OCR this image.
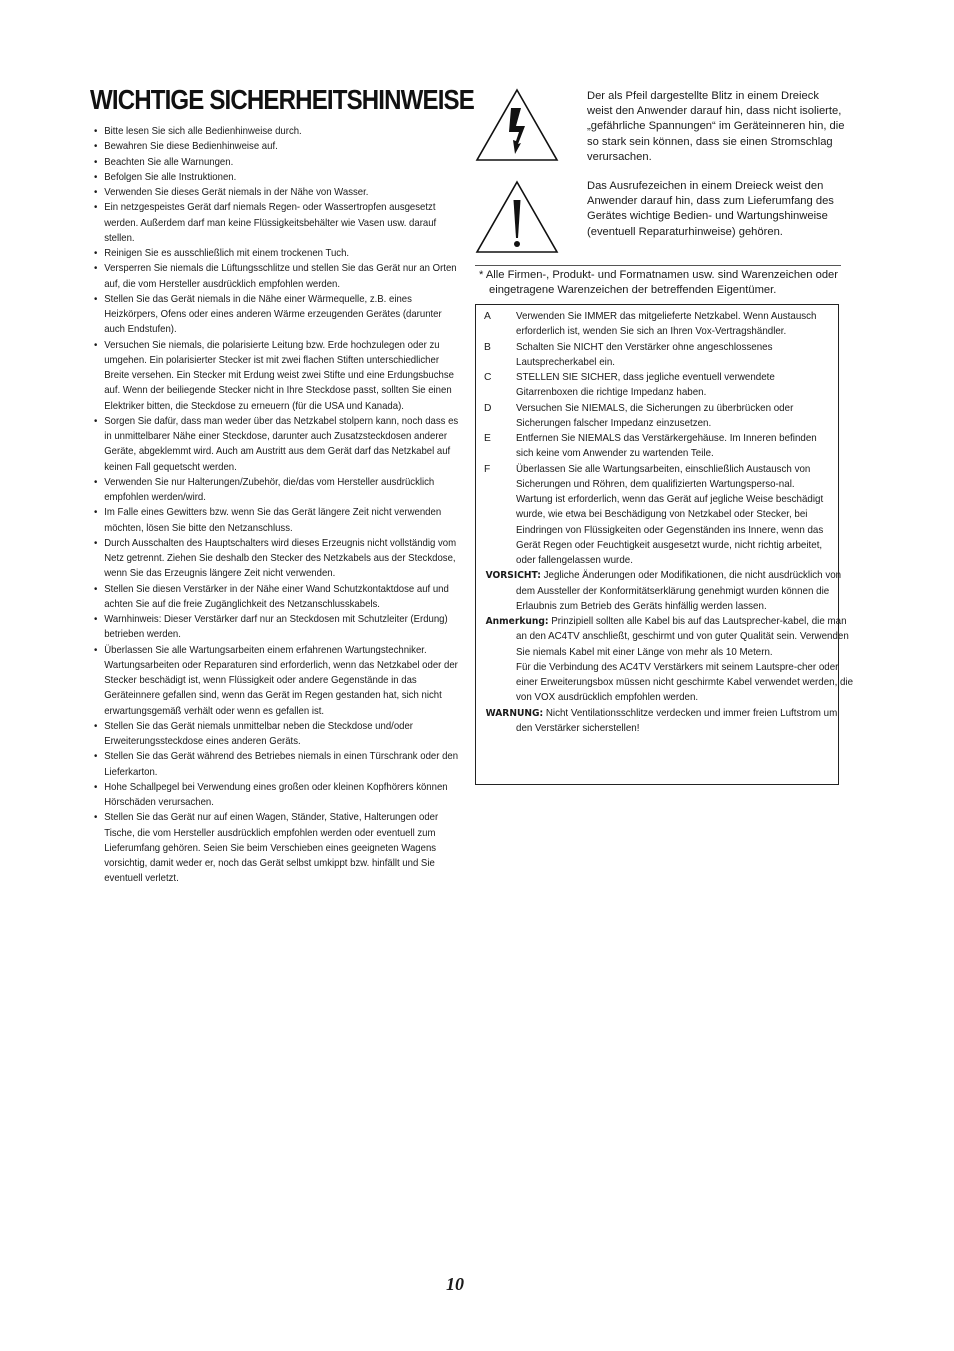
WICHTIGE SICHERHEITSHINWEISE
• Bitte lesen Sie sich alle Bedienhinweise durch.
• Bewahren Sie diese Bedienhinweise auf.
• Beachten Sie alle Warnungen.
• Befolgen Sie alle Instruktionen.
• Verwenden Sie dieses Gerät niemals in der Nähe von Wasser.
• Ein netzgespeistes Gerät darf niemals Regen- oder Wassertropfen ausgesetzt werden. Außerdem darf man keine Flüssigkeitsbehälter wie Vasen usw. darauf stellen.
• Reinigen Sie es ausschließlich mit einem trockenen Tuch.
• Versperren Sie niemals die Lüftungsschlitze und stellen Sie das Gerät nur an Orten auf, die vom Hersteller ausdrücklich empfohlen werden.
• Stellen Sie das Gerät niemals in die Nähe einer Wärmequelle, z.B. eines Heizkörpers, Ofens oder eines anderen Wärme erzeugenden Gerätes (darunter auch Endstufen).
• Versuchen Sie niemals, die polarisierte Leitung bzw. Erde hochzulegen oder zu umgehen. Ein polarisierter Stecker ist mit zwei flachen Stiften unterschiedlicher Breite versehen. Ein Stecker mit Erdung weist zwei Stifte und eine Erdungsbuchse auf. Wenn der beiliegende Stecker nicht in Ihre Steckdose passt, sollten Sie einen Elektriker bitten, die Steckdose zu erneuern (für die USA und Kanada).
• Sorgen Sie dafür, dass man weder über das Netzkabel stolpern kann, noch dass es in unmittelbarer Nähe einer Steckdose, darunter auch Zusatzsteckdosen anderer Geräte, abgeklemmt wird. Auch am Austritt aus dem Gerät darf das Netzkabel auf keinen Fall gequetscht werden.
• Verwenden Sie nur Halterungen/Zubehör, die/das vom Hersteller ausdrücklich empfohlen werden/wird.
• Im Falle eines Gewitters bzw. wenn Sie das Gerät längere Zeit nicht verwenden möchten, lösen Sie bitte den Netzanschluss.
• Durch Ausschalten des Hauptschalters wird dieses Erzeugnis nicht vollständig vom Netz getrennt. Ziehen Sie deshalb den Stecker des Netzkabels aus der Steckdose, wenn Sie das Erzeugnis längere Zeit nicht verwenden.
• Stellen Sie diesen Verstärker in der Nähe einer Wand Schutzkontaktdose auf und achten Sie auf die freie Zugänglichkeit des Netzanschlusskabels.
• Warnhinweis: Dieser Verstärker darf nur an Steckdosen mit Schutzleiter (Erdung) betrieben werden.
• Überlassen Sie alle Wartungsarbeiten einem erfahrenen Wartungstechniker. Wartungsarbeiten oder Reparaturen sind erforderlich, wenn das Netzkabel oder der Stecker beschädigt ist, wenn Flüssigkeit oder andere Gegenstände in das Geräteinnere gefallen sind, wenn das Gerät im Regen gestanden hat, sich nicht erwartungsgemäß verhält oder wenn es gefallen ist.
• Stellen Sie das Gerät niemals unmittelbar neben die Steckdose und/oder Erweiterungssteckdose eines anderen Geräts.
• Stellen Sie das Gerät während des Betriebes niemals in einen Türschrank oder den Lieferkarton.
• Hohe Schallpegel bei Verwendung eines großen oder kleinen Kopfhörers können Hörschäden verursachen.
• Stellen Sie das Gerät nur auf einen Wagen, Ständer, Stative, Halterungen oder Tische, die vom Hersteller ausdrücklich empfohlen werden oder eventuell zum Lieferumfang gehören. Seien Sie beim Verschieben eines geeigneten Wagens vorsichtig, damit weder er, noch das Gerät selbst umkippt bzw. hinfällt und Sie eventuell verletzt.

Der als Pfeil dargestellte Blitz in einem Dreieck weist den Anwender darauf hin, dass nicht isolierte, „gefährliche Spannungen“ im Geräteinneren hin, die so stark sein können, dass sie einen Stromschlag verursachen.

Das Ausrufezeichen in einem Dreieck weist den Anwender darauf hin, dass zum Lieferumfang des Gerätes wichtige Bedien- und Wartungshinweise (eventuell Reparaturhinweise) gehören.

* Alle Firmen-, Produkt- und Formatnamen usw. sind Warenzeichen oder eingetragene Warenzeichen der betreffenden Eigentümer.

A Verwenden Sie IMMER das mitgelieferte Netzkabel. Wenn Austausch erforderlich ist, wenden Sie sich an Ihren Vox-Vertragshändler.
B Schalten Sie NICHT den Verstärker ohne angeschlossenes Lautsprecherkabel ein.
C STELLEN SIE SICHER, dass jegliche eventuell verwendete Gitarrenboxen die richtige Impedanz haben.
D Versuchen Sie NIEMALS, die Sicherungen zu überbrücken oder Sicherungen falscher Impedanz einzusetzen.
E Entfernen Sie NIEMALS das Verstärkergehäuse. Im Inneren befinden sich keine vom Anwender zu wartenden Teile.
F Überlassen Sie alle Wartungsarbeiten, einschließlich Austausch von Sicherungen und Röhren, dem qualifizierten Wartungsperso-nal. Wartung ist erforderlich, wenn das Gerät auf jegliche Weise beschädigt wurde, wie etwa bei Beschädigung von Netzkabel oder Stecker, bei Eindringen von Flüssigkeiten oder Gegenständen ins Innere, wenn das Gerät Regen oder Feuchtigkeit ausgesetzt wurde, nicht richtig arbeitet, oder fallengelassen wurde.
VORSICHT: Jegliche Änderungen oder Modifikationen, die nicht ausdrücklich von dem Aussteller der Konformitätserklärung genehmigt wurden können die Erlaubnis zum Betrieb des Geräts hinfällig werden lassen.
Anmerkung: Prinzipiell sollten alle Kabel bis auf das Lautsprecher-kabel, die man an den AC4TV anschließt, geschirmt und von guter Qualität sein. Verwenden Sie niemals Kabel mit einer Länge von mehr als 10 Metern.
Für die Verbindung des AC4TV Verstärkers mit seinem Lautspre-cher oder einer Erweiterungsbox müssen nicht geschirmte Kabel verwendet werden, die von VOX ausdrücklich empfohlen werden.
WARNUNG: Nicht Ventilationsschlitze verdecken und immer freien Luftstrom um den Verstärker sicherstellen!

10
